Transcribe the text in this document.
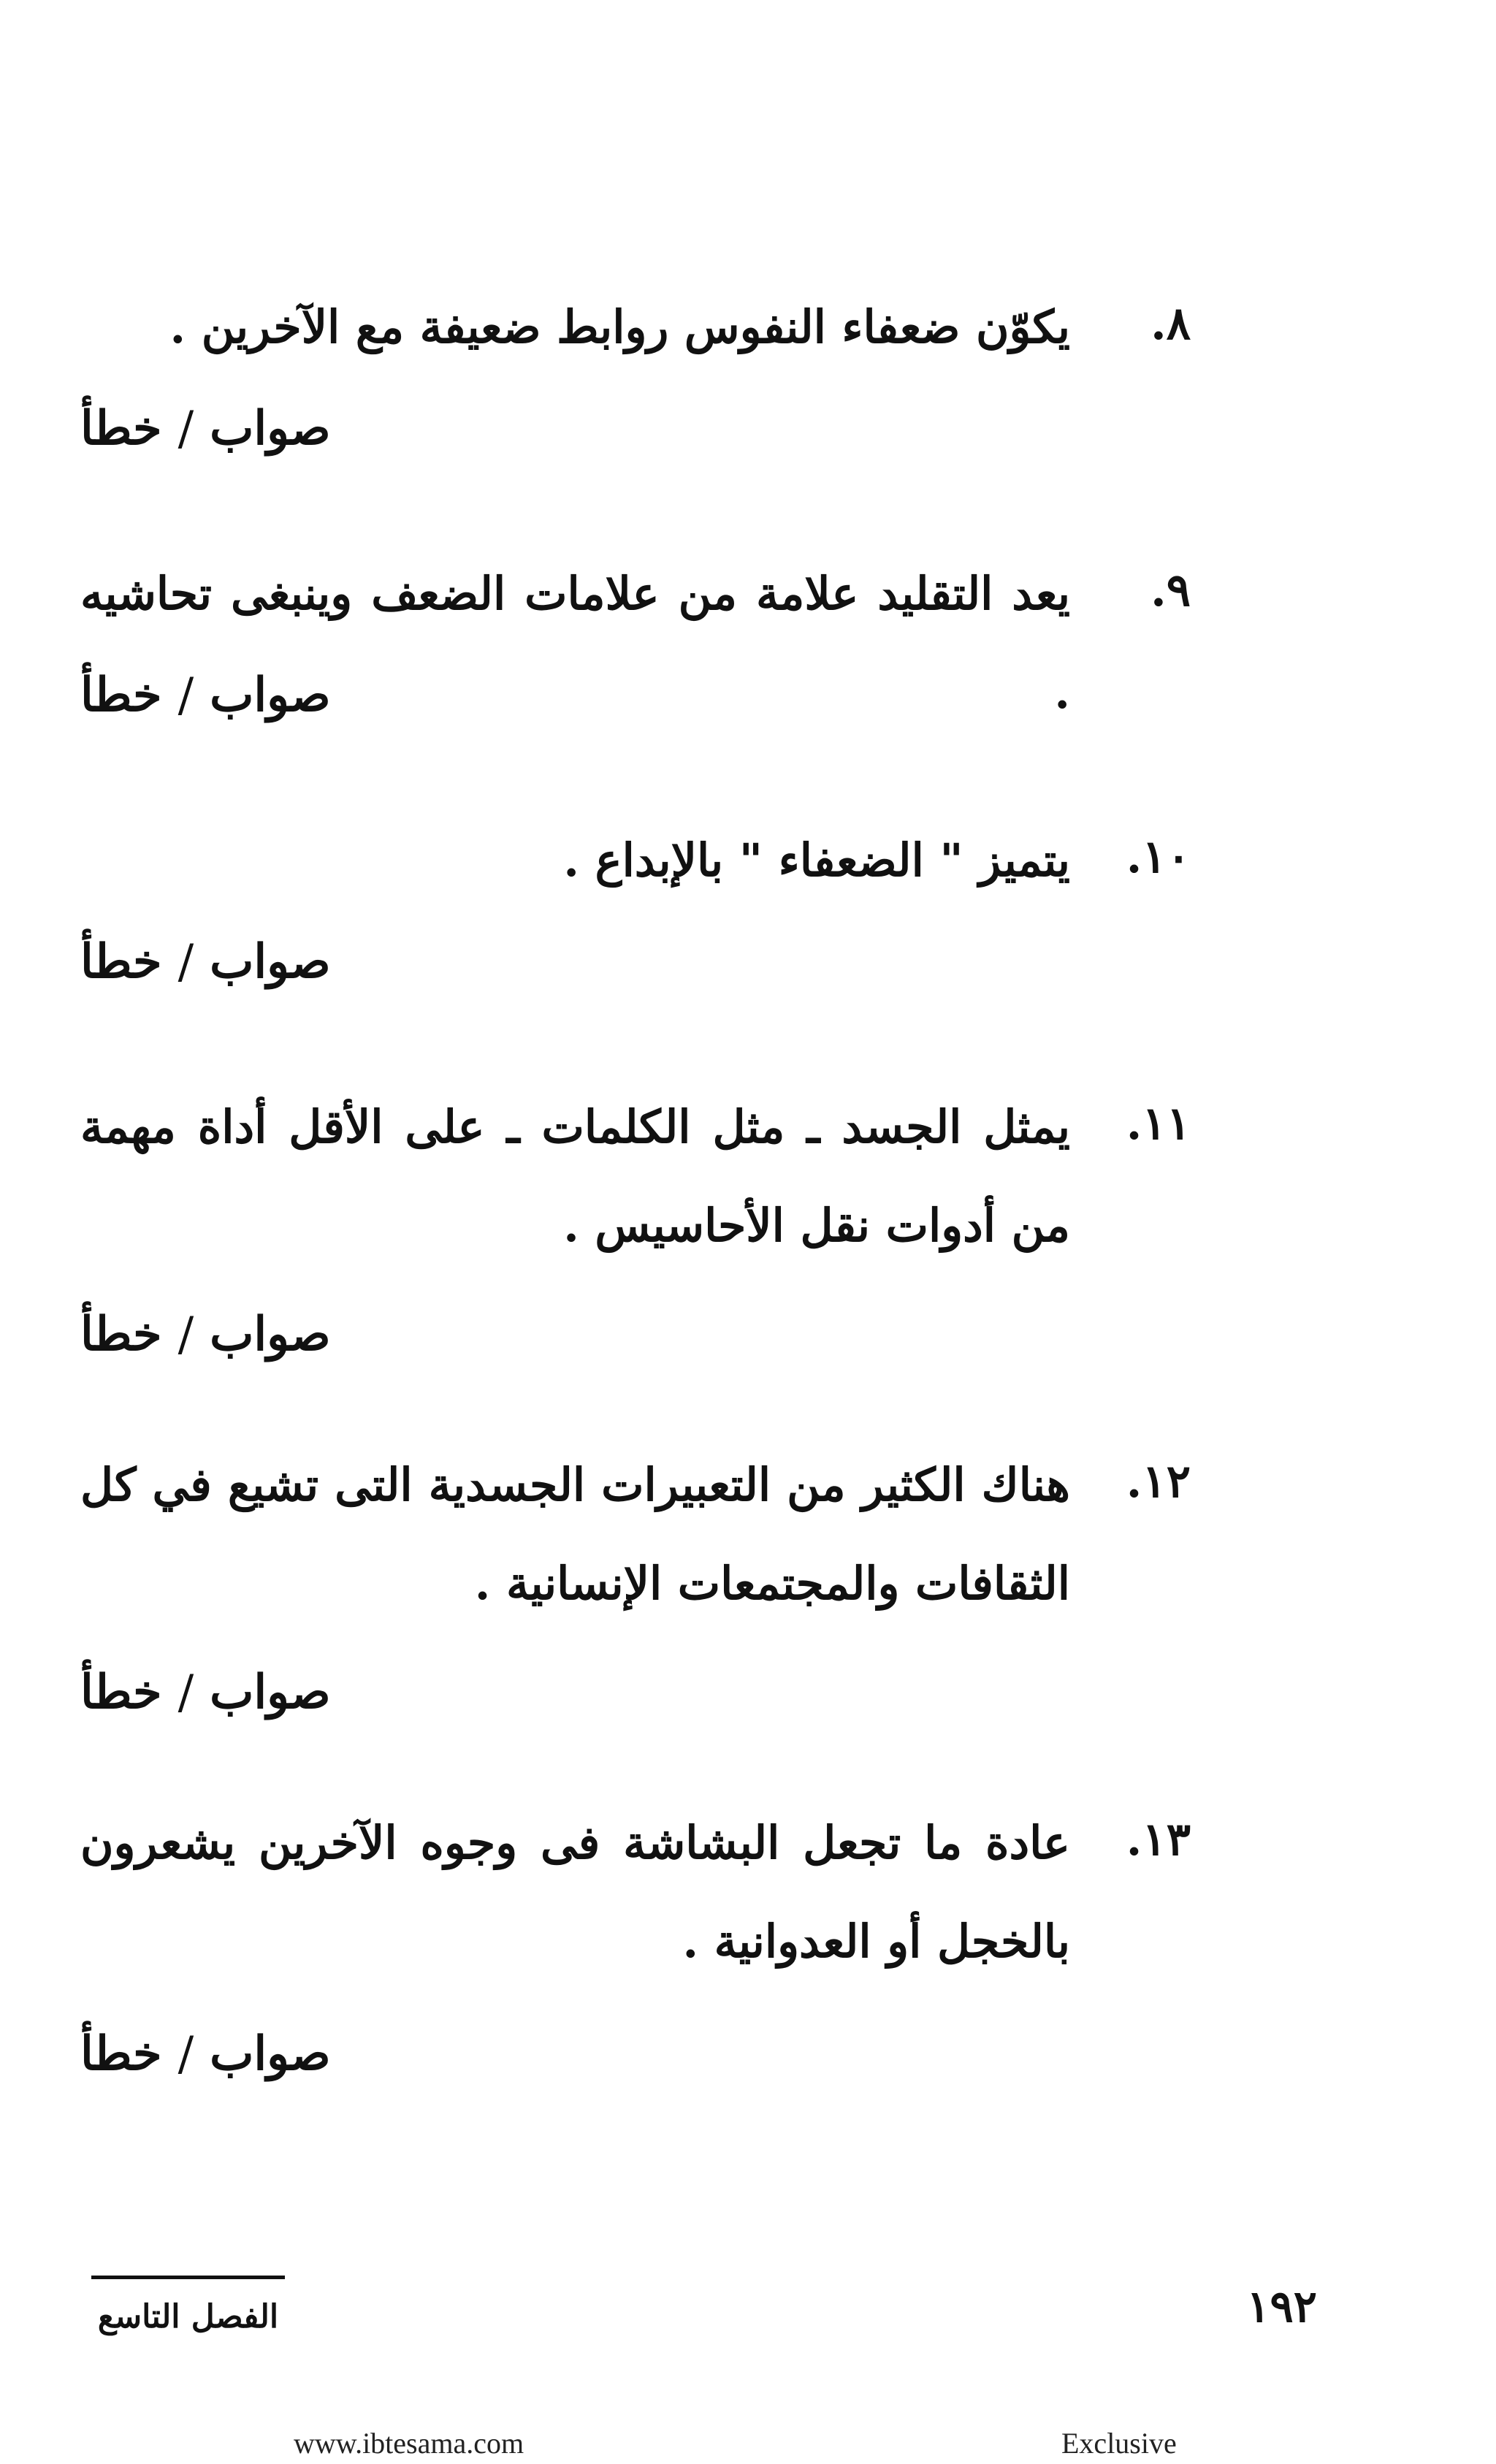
٨.
يكوّن ضعفاء النفوس روابط ضعيفة مع الآخرين .
صواب/خطأ
٩.
يعد التقليد علامة من علامات الضعف وينبغى تحاشيه .
صواب/خطأ
١٠.
يتميز " الضعفاء " بالإبداع .
صواب/خطأ
١١.
يمثل الجسد ـ مثل الكلمات ـ على الأقل أداة مهمة من أدوات نقل الأحاسيس .
صواب/خطأ
١٢.
هناك الكثير من التعبيرات الجسدية التى تشيع في كل الثقافات والمجتمعات الإنسانية .
صواب/خطأ
١٣.
عادة ما تجعل البشاشة فى وجوه الآخرين يشعرون بالخجل أو العدوانية .
صواب/خطأ
١٩٢
الفصل التاسع
www.ibtesama.com	Exclusive
